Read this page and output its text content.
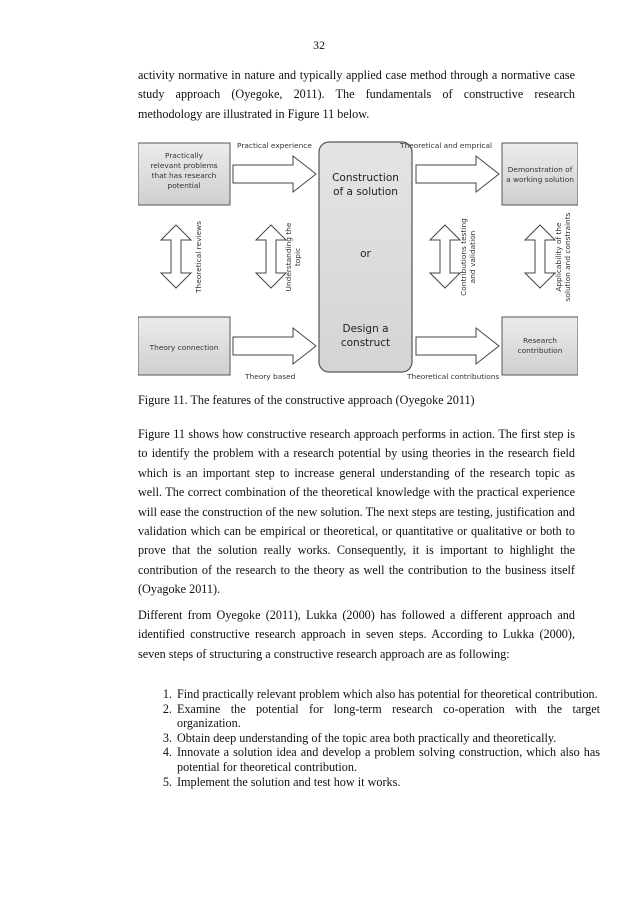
32

activity normative in nature and typically applied case method through a normative case study approach (Oyegoke, 2011). The fundamentals of constructive research methodology are illustrated in Figure 11 below.

Practically
relevant problems
that has research
potential
Demonstration of
a working solution
Theory connection
Research
contribution
Construction
of a solution
or
Design a
construct
Practical experience	Theoretical and emprical
Theory based	Theoretical contributions
Theoretical reviews	Understanding the topic	Contributions testing and validation	Applicability of the solution and constraints
Figure 11. The features of the constructive approach (Oyegoke 2011)

Figure 11 shows how constructive research approach performs in action. The first step is to identify the problem with a research potential by using theories in the research field which is an important step to increase general understanding of the research topic as well. The correct combination of the theoretical knowledge with the practical experience will ease the construction of the new solution. The next steps are testing, justification and validation which can be empirical or theoretical, or quantitative or qualitative or both to prove that the solution really works. Consequently, it is important to highlight the contribution of the research to the theory as well the contribution to the business itself (Oyagoke 2011).

Different from Oyegoke (2011), Lukka (2000) has followed a different approach and identified constructive research approach in seven steps. According to Lukka (2000), seven steps of structuring a constructive research approach are as following:

1. Find practically relevant problem which also has potential for theoretical contribution.
2. Examine the potential for long-term research co-operation with the target organization.
3. Obtain deep understanding of the topic area both practically and theoretically.
4. Innovate a solution idea and develop a problem solving construction, which also has potential for theoretical contribution.
5. Implement the solution and test how it works.
